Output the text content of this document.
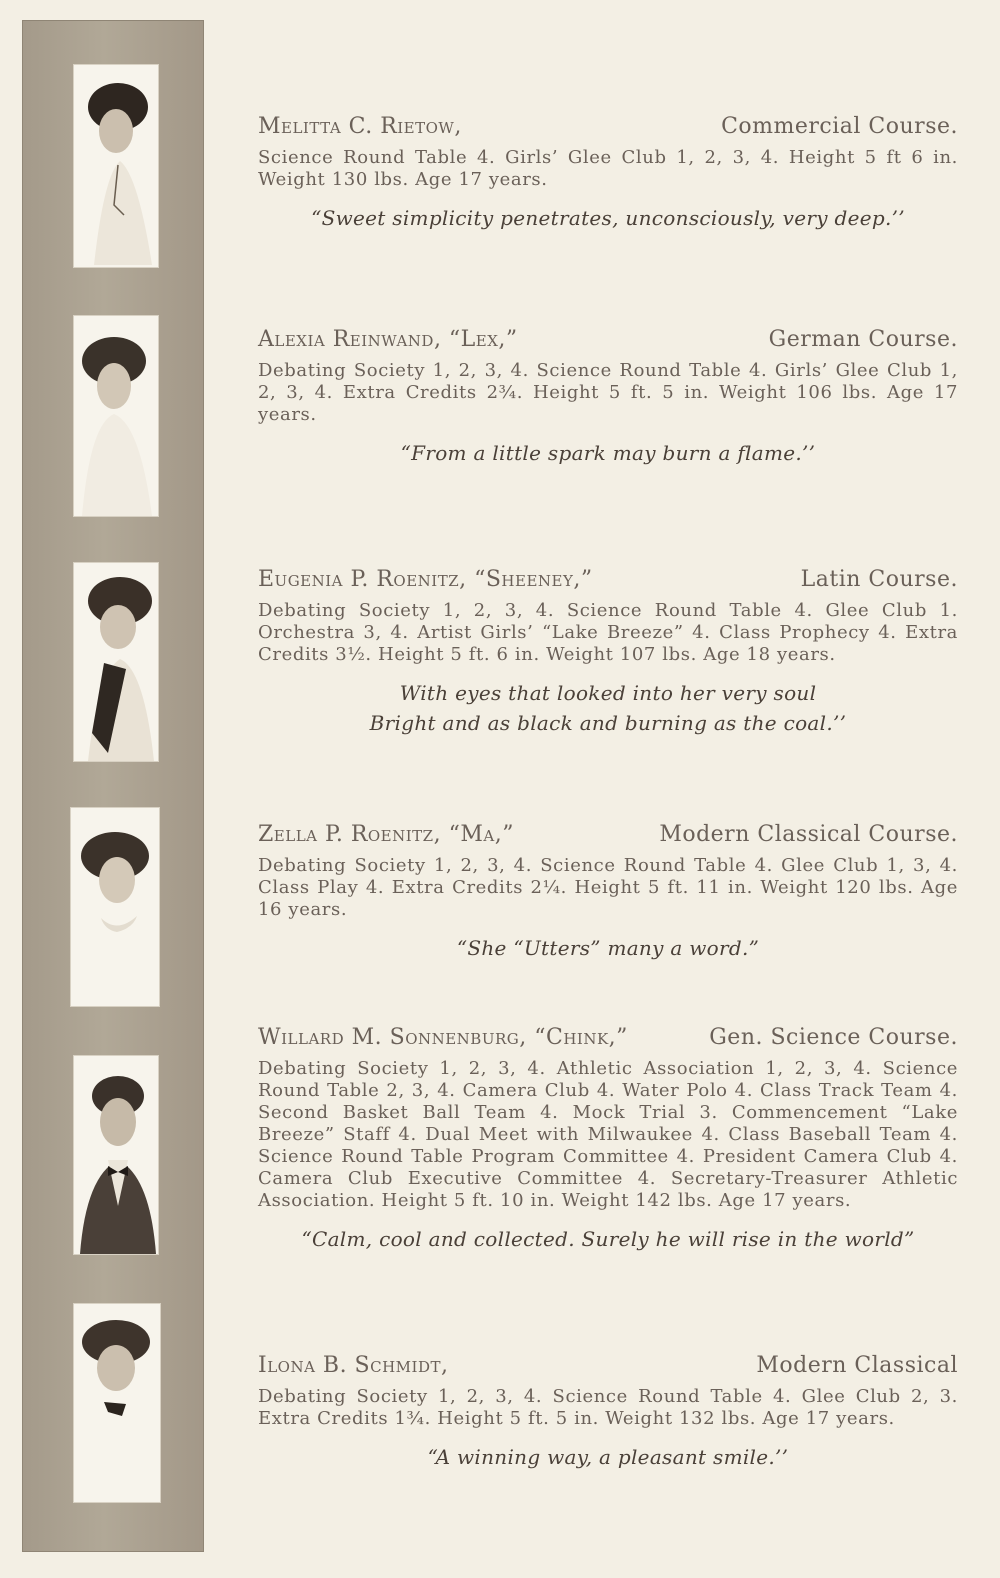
Melitta C. Rietow,	Commercial Course.
Science Round Table 4. Girls’ Glee Club 1, 2, 3, 4. Height 5 ft 6 in. Weight 130 lbs. Age 17 years.
“Sweet simplicity penetrates, unconsciously, very deep.’’
Alexia Reinwand, “Lex,”	German Course.
Debating Society 1, 2, 3, 4. Science Round Table 4. Girls’ Glee Club 1, 2, 3, 4. Extra Credits 2¾. Height 5 ft. 5 in. Weight 106 lbs. Age 17 years.
“From a little spark may burn a flame.’’
Eugenia P. Roenitz, “Sheeney,”	Latin Course.
Debating Society 1, 2, 3, 4. Science Round Table 4. Glee Club 1. Orchestra 3, 4. Artist Girls’ “Lake Breeze” 4. Class Prophecy 4. Extra Credits 3½. Height 5 ft. 6 in. Weight 107 lbs. Age 18 years.
With eyes that looked into her very soul
Bright and as black and burning as the coal.’’
Zella P. Roenitz, “Ma,”	Modern Classical Course.
Debating Society 1, 2, 3, 4. Science Round Table 4. Glee Club 1, 3, 4. Class Play 4. Extra Credits 2¼. Height 5 ft. 11 in. Weight 120 lbs. Age 16 years.
“She “Utters” many a word.”
Willard M. Sonnenburg, “Chink,”	Gen. Science Course.
Debating Society 1, 2, 3, 4. Athletic Association 1, 2, 3, 4. Science Round Table 2, 3, 4. Camera Club 4. Water Polo 4. Class Track Team 4. Second Basket Ball Team 4. Mock Trial 3. Commencement “Lake Breeze” Staff 4. Dual Meet with Milwaukee 4. Class Baseball Team 4. Science Round Table Program Committee 4. President Camera Club 4. Camera Club Executive Committee 4. Secretary-Treasurer Athletic Association. Height 5 ft. 10 in. Weight 142 lbs. Age 17 years.
“Calm, cool and collected. Surely he will rise in the world”
Ilona B. Schmidt,	Modern Classical
Debating Society 1, 2, 3, 4. Science Round Table 4. Glee Club 2, 3. Extra Credits 1¾. Height 5 ft. 5 in. Weight 132 lbs. Age 17 years.
“A winning way, a pleasant smile.’’
